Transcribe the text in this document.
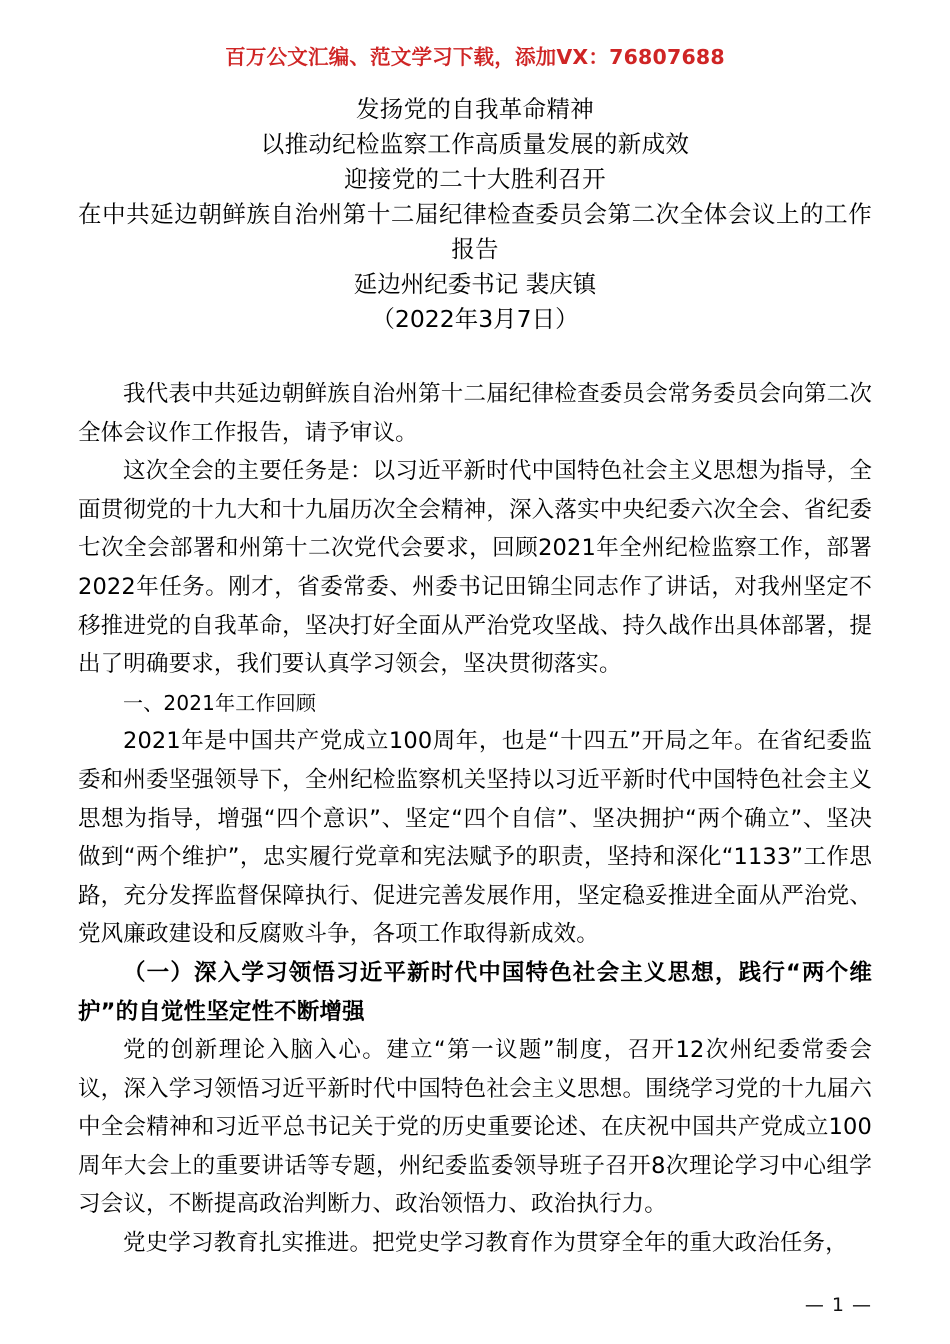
百万公文汇编、范文学习下载，添加VX：76807688
发扬党的自我革命精神
以推动纪检监察工作高质量发展的新成效
迎接党的二十大胜利召开
在中共延边朝鲜族自治州第十二届纪律检查委员会第二次全体会议上的工作报告
延边州纪委书记 裴庆镇
（2022年3月7日）

我代表中共延边朝鲜族自治州第十二届纪律检查委员会常务委员会向第二次全体会议作工作报告，请予审议。

这次全会的主要任务是：以习近平新时代中国特色社会主义思想为指导，全面贯彻党的十九大和十九届历次全会精神，深入落实中央纪委六次全会、省纪委七次全会部署和州第十二次党代会要求，回顾2021年全州纪检监察工作，部署2022年任务。刚才，省委常委、州委书记田锦尘同志作了讲话，对我州坚定不移推进党的自我革命，坚决打好全面从严治党攻坚战、持久战作出具体部署，提出了明确要求，我们要认真学习领会，坚决贯彻落实。

一、2021年工作回顾

2021年是中国共产党成立100周年，也是“十四五”开局之年。在省纪委监委和州委坚强领导下，全州纪检监察机关坚持以习近平新时代中国特色社会主义思想为指导，增强“四个意识”、坚定“四个自信”、坚决拥护“两个确立”、坚决做到“两个维护”，忠实履行党章和宪法赋予的职责，坚持和深化“1133”工作思路，充分发挥监督保障执行、促进完善发展作用，坚定稳妥推进全面从严治党、党风廉政建设和反腐败斗争，各项工作取得新成效。

（一）深入学习领悟习近平新时代中国特色社会主义思想，践行“两个维护”的自觉性坚定性不断增强

党的创新理论入脑入心。建立“第一议题”制度，召开12次州纪委常委会议，深入学习领悟习近平新时代中国特色社会主义思想。围绕学习党的十九届六中全会精神和习近平总书记关于党的历史重要论述、在庆祝中国共产党成立100周年大会上的重要讲话等专题，州纪委监委领导班子召开8次理论学习中心组学习会议，不断提高政治判断力、政治领悟力、政治执行力。

党史学习教育扎实推进。把党史学习教育作为贯穿全年的重大政治任务，

— 1 —
